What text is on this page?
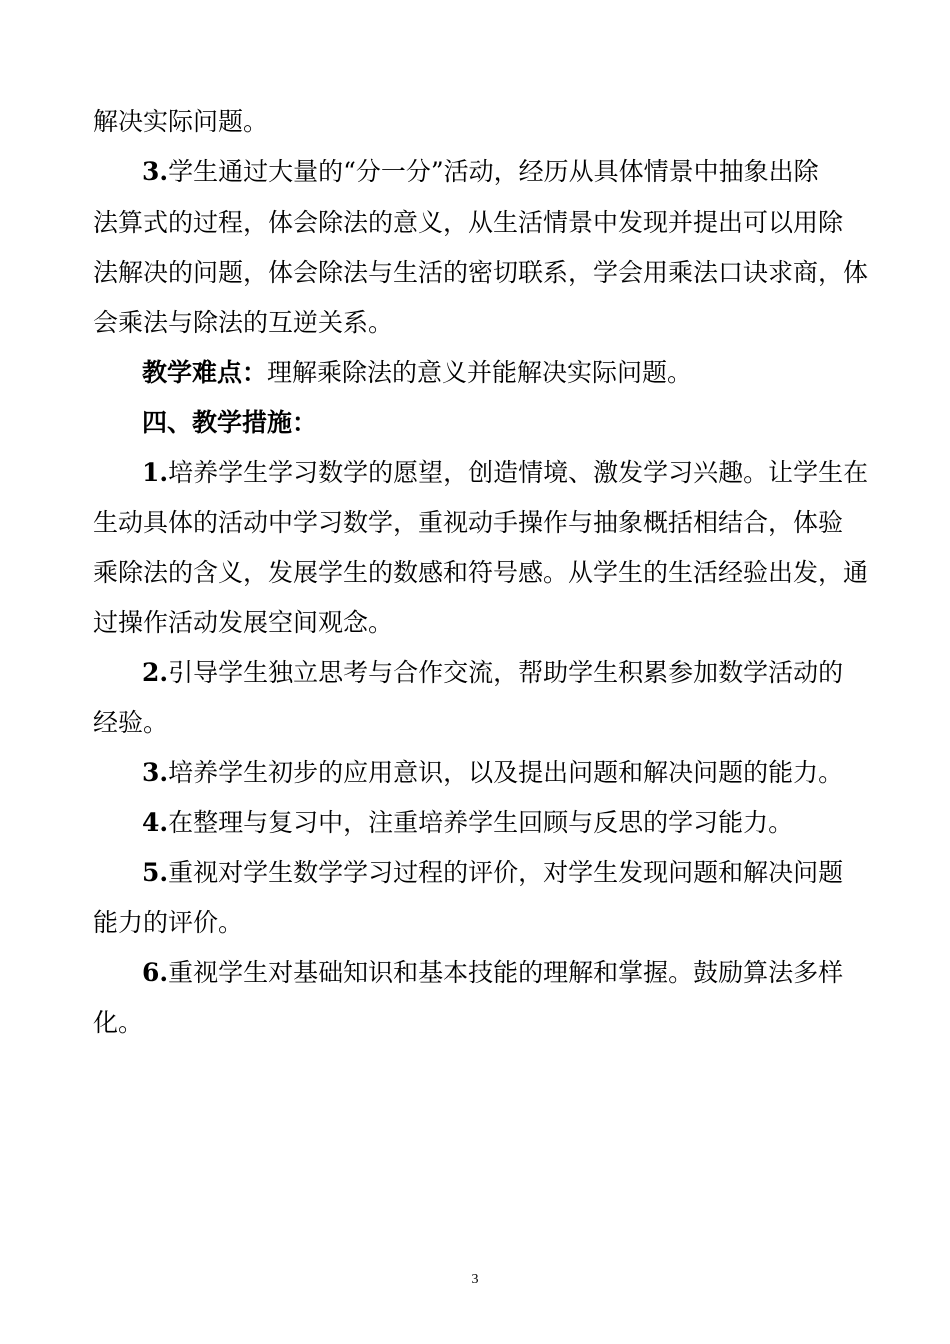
解决实际问题。
3.学生通过大量的“分一分”活动，经历从具体情景中抽象出除
法算式的过程，体会除法的意义，从生活情景中发现并提出可以用除
法解决的问题，体会除法与生活的密切联系，学会用乘法口诀求商，体
会乘法与除法的互逆关系。
教学难点：理解乘除法的意义并能解决实际问题。
四、教学措施：
1.培养学生学习数学的愿望，创造情境、激发学习兴趣。让学生在
生动具体的活动中学习数学，重视动手操作与抽象概括相结合，体验
乘除法的含义，发展学生的数感和符号感。从学生的生活经验出发，通
过操作活动发展空间观念。
2.引导学生独立思考与合作交流，帮助学生积累参加数学活动的
经验。
3.培养学生初步的应用意识，以及提出问题和解决问题的能力。
4.在整理与复习中，注重培养学生回顾与反思的学习能力。
5.重视对学生数学学习过程的评价，对学生发现问题和解决问题
能力的评价。
6.重视学生对基础知识和基本技能的理解和掌握。鼓励算法多样
化。
3
